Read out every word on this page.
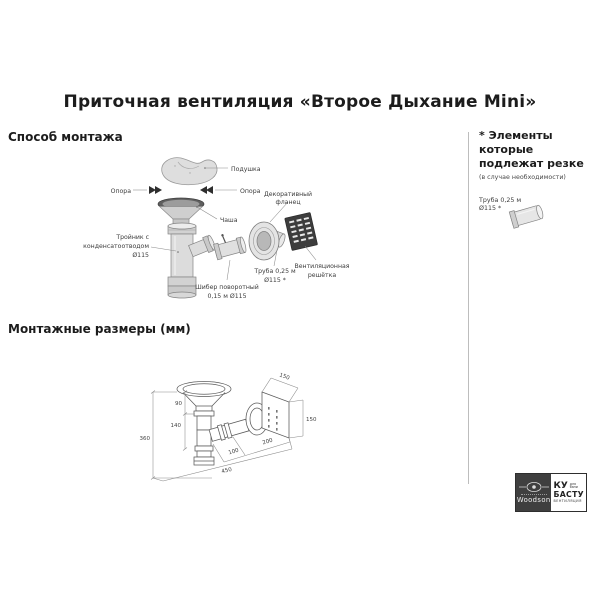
Приточная вентиляция «Второе Дыхание Mini»
Способ монтажа
Монтажные размеры (мм)
* Элементы которые
подлежат резке
(в случае необходимости)
Труба 0,25 м
Ø115 *
Подушка
Опора	Опора
Чаша
Тройник с
конденсатоотводом
Ø115
Шибер поворотный
0,15 м Ø115
Декоративный
фланец
Труба 0,25 м
Ø115 *
Вентиляционная
решётка
90
140
360
150
150
100
200
450
Woodson
КУ для
бани
БАСТУ
ВЕНТИЛЯЦИЯ
